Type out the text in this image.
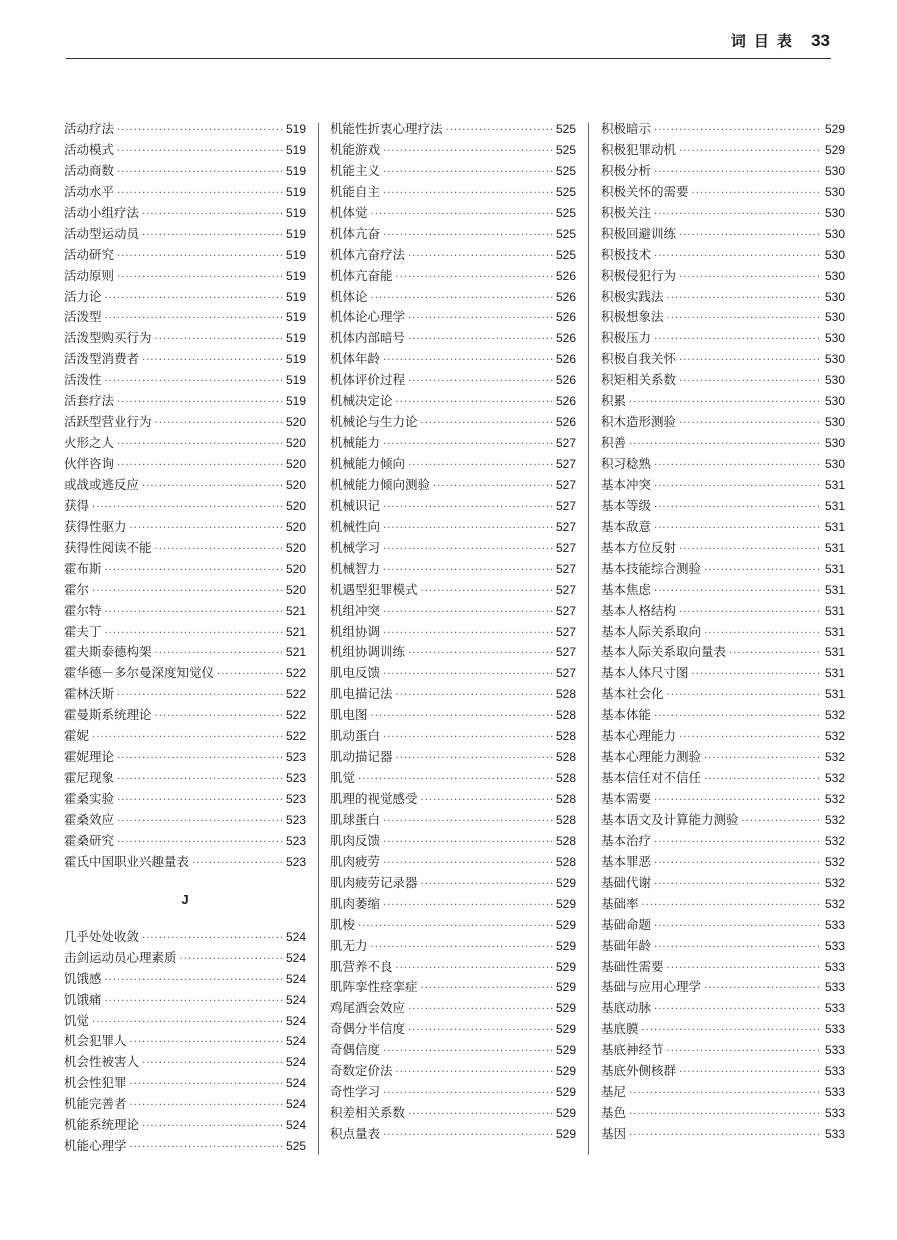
词目表 33
活动疗法 ·····	519
活动模式 ·····	519
活动商数 ·····	519
活动水平 ·····	519
活动小组疗法 ·····	519
活动型运动员 ·····	519
活动研究 ·····	519
活动原则 ·····	519
活力论 ·····	519
活泼型 ·····	519
活泼型购买行为 ·····	519
活泼型消费者 ·····	519
活泼性 ·····	519
活套疗法 ·····	519
活跃型营业行为 ·····	520
火形之人 ·····	520
伙伴咨询 ·····	520
或战或逃反应 ·····	520
获得 ·····	520
获得性驱力 ·····	520
获得性阅读不能 ·····	520
霍布斯 ·····	520
霍尔 ·····	520
霍尔特 ·····	521
霍夫丁 ·····	521
霍夫斯泰德构架 ·····	521
霍华德－多尔曼深度知觉仪 ·····	522
霍林沃斯 ·····	522
霍曼斯系统理论 ·····	522
霍妮 ·····	522
霍妮理论 ·····	523
霍尼现象 ·····	523
霍桑实验 ·····	523
霍桑效应 ·····	523
霍桑研究 ·····	523
霍氏中国职业兴趣量表 ·····	523
J
几乎处处收敛 ·····	524
击剑运动员心理素质 ·····	524
饥饿感 ·····	524
饥饿痛 ·····	524
饥觉 ·····	524
机会犯罪人 ·····	524
机会性被害人 ·····	524
机会性犯罪 ·····	524
机能完善者 ·····	524
机能系统理论 ·····	524
机能心理学 ·····	525
机能性折衷心理疗法 ·····	525
机能游戏 ·····	525
机能主义 ·····	525
机能自主 ·····	525
机体觉 ·····	525
机体亢奋 ·····	525
机体亢奋疗法 ·····	525
机体亢奋能 ·····	526
机体论 ·····	526
机体论心理学 ·····	526
机体内部暗号 ·····	526
机体年龄 ·····	526
机体评价过程 ·····	526
机械决定论 ·····	526
机械论与生力论 ·····	526
机械能力 ·····	527
机械能力倾向 ·····	527
机械能力倾向测验 ·····	527
机械识记 ·····	527
机械性向 ·····	527
机械学习 ·····	527
机械智力 ·····	527
机遇型犯罪模式 ·····	527
机组冲突 ·····	527
机组协调 ·····	527
机组协调训练 ·····	527
肌电反馈 ·····	527
肌电描记法 ·····	528
肌电图 ·····	528
肌动蛋白 ·····	528
肌动描记器 ·····	528
肌觉 ·····	528
肌理的视觉感受 ·····	528
肌球蛋白 ·····	528
肌肉反馈 ·····	528
肌肉疲劳 ·····	528
肌肉疲劳记录器 ·····	529
肌肉萎缩 ·····	529
肌梭 ·····	529
肌无力 ·····	529
肌营养不良 ·····	529
肌阵挛性痉挛症 ·····	529
鸡尾酒会效应 ·····	529
奇偶分半信度 ·····	529
奇偶信度 ·····	529
奇数定价法 ·····	529
奇性学习 ·····	529
积差相关系数 ·····	529
积点量表 ·····	529
积极暗示 ·····	529
积极犯罪动机 ·····	529
积极分析 ·····	530
积极关怀的需要 ·····	530
积极关注 ·····	530
积极回避训练 ·····	530
积极技术 ·····	530
积极侵犯行为 ·····	530
积极实践法 ·····	530
积极想象法 ·····	530
积极压力 ·····	530
积极自我关怀 ·····	530
积矩相关系数 ·····	530
积累 ·····	530
积木造形测验 ·····	530
积善 ·····	530
积习稔熟 ·····	530
基本冲突 ·····	531
基本等级 ·····	531
基本敌意 ·····	531
基本方位反射 ·····	531
基本技能综合测验 ·····	531
基本焦虑 ·····	531
基本人格结构 ·····	531
基本人际关系取向 ·····	531
基本人际关系取向量表 ·····	531
基本人体尺寸图 ·····	531
基本社会化 ·····	531
基本体能 ·····	532
基本心理能力 ·····	532
基本心理能力测验 ·····	532
基本信任对不信任 ·····	532
基本需要 ·····	532
基本语文及计算能力测验 ·····	532
基本治疗 ·····	532
基本罪恶 ·····	532
基础代谢 ·····	532
基础率 ·····	532
基础命题 ·····	533
基础年龄 ·····	533
基础性需要 ·····	533
基础与应用心理学 ·····	533
基底动脉 ·····	533
基底膜 ·····	533
基底神经节 ·····	533
基底外侧核群 ·····	533
基尼 ·····	533
基色 ·····	533
基因 ·····	533
